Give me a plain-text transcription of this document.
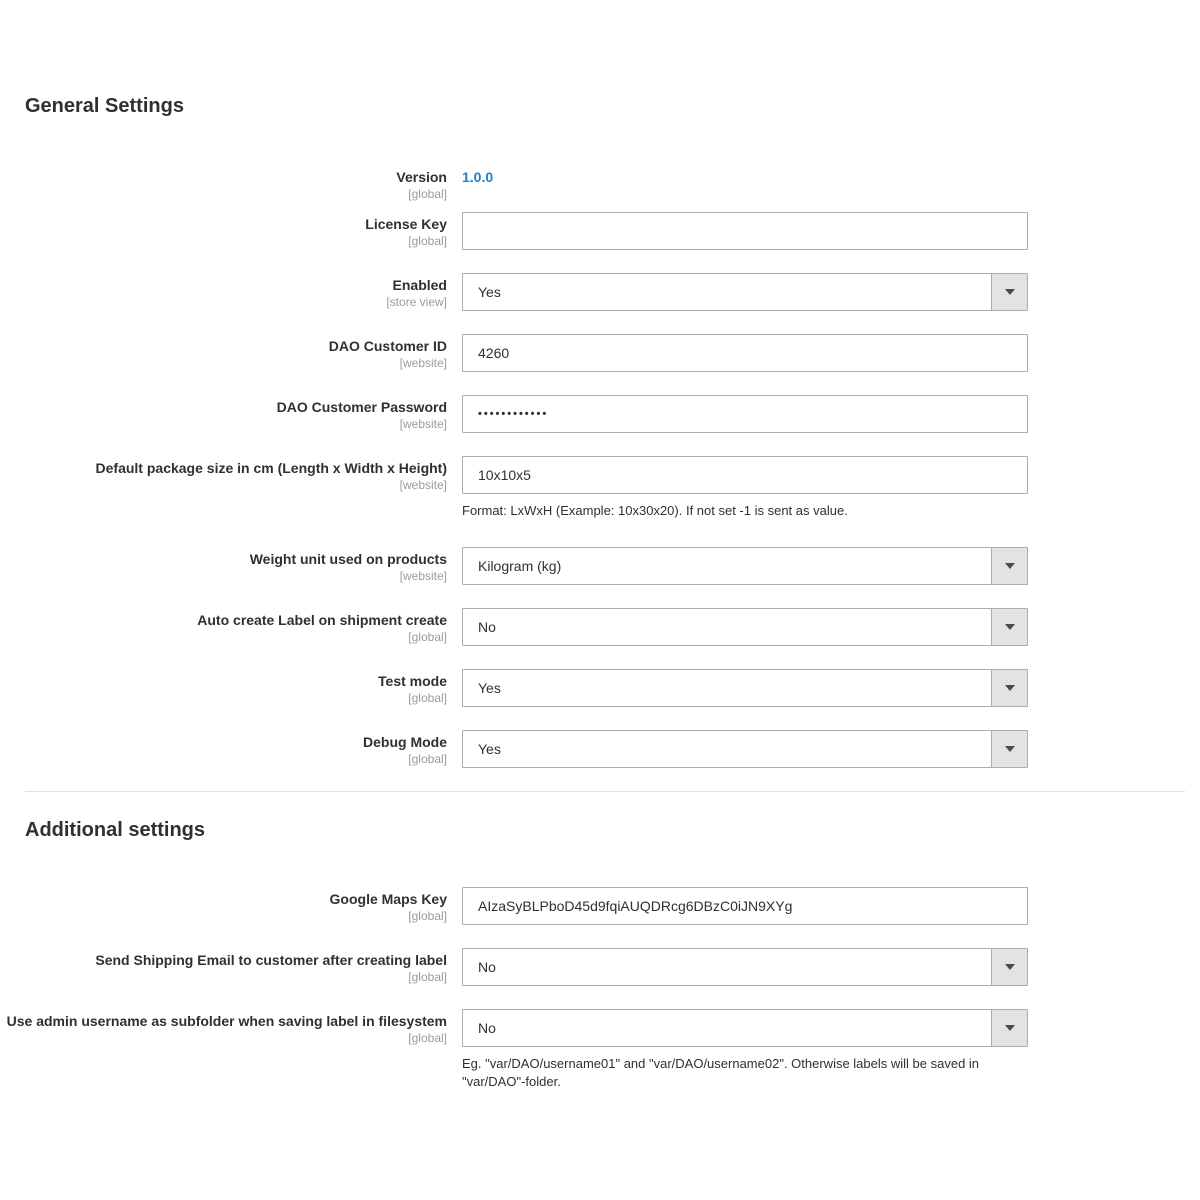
General Settings
Version
[global]
1.0.0
License Key
[global]
Enabled
[store view]
Yes
DAO Customer ID
[website]
4260
DAO Customer Password
[website]
••••••••••••
Default package size in cm (Length x Width x Height)
[website]
10x10x5
Format: LxWxH (Example: 10x30x20). If not set -1 is sent as value.
Weight unit used on products
[website]
Kilogram (kg)
Auto create Label on shipment create
[global]
No
Test mode
[global]
Yes
Debug Mode
[global]
Yes
Additional settings
Google Maps Key
[global]
AIzaSyBLPboD45d9fqiAUQDRcg6DBzC0iJN9XYg
Send Shipping Email to customer after creating label
[global]
No
Use admin username as subfolder when saving label in filesystem
[global]
No
Eg. "var/DAO/username01" and "var/DAO/username02". Otherwise labels will be saved in "var/DAO"-folder.
